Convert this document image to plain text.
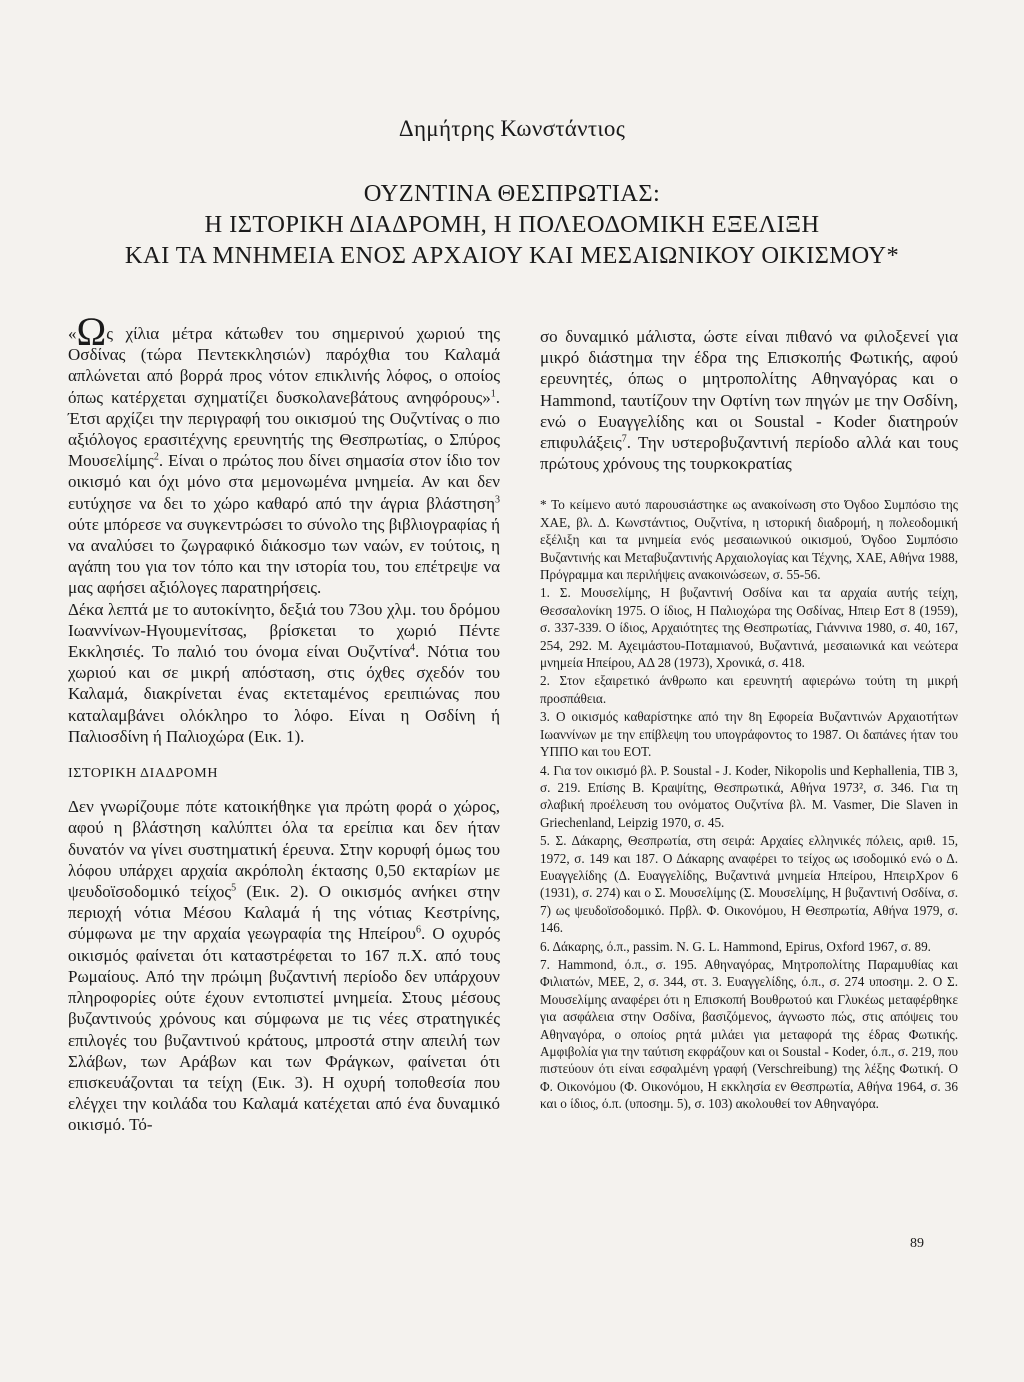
Δημήτρης Κωνστάντιος
ΟΥΖΝΤΙΝΑ ΘΕΣΠΡΩΤΙΑΣ:
Η ΙΣΤΟΡΙΚΗ ΔΙΑΔΡΟΜΗ, Η ΠΟΛΕΟΔΟΜΙΚΗ ΕΞΕΛΙΞΗ
ΚΑΙ ΤΑ ΜΝΗΜΕΙΑ ΕΝΟΣ ΑΡΧΑΙΟΥ ΚΑΙ ΜΕΣΑΙΩΝΙΚΟΥ ΟΙΚΙΣΜΟΥ*

«Ως χίλια μέτρα κάτωθεν του σημερινού χωριού της Οσδίνας (τώρα Πεντεκκλησιών) παρόχθια του Καλαμά απλώνεται από βορρά προς νότον επικλινής λόφος, ο οποίος όπως κατέρχεται σχηματίζει δυσκολανεβάτους ανηφόρους»$^1$. Έτσι αρχίζει την περιγραφή του οικισμού της Ουζντίνας ο πιο αξιόλογος ερασιτέχνης ερευνητής της Θεσπρωτίας, ο Σπύρος Μουσελίμης$^2$. Είναι ο πρώτος που δίνει σημασία στον ίδιο τον οικισμό και όχι μόνο στα μεμονωμένα μνημεία. Αν και δεν ευτύχησε να δει το χώρο καθαρό από την άγρια βλάστηση$^3$ ούτε μπόρεσε να συγκεντρώσει το σύνολο της βιβλιογραφίας ή να αναλύσει το ζωγραφικό διάκοσμο των ναών, εν τούτοις, η αγάπη του για τον τόπο και την ιστορία του, του επέτρεψε να μας αφήσει αξιόλογες παρατηρήσεις.

Δέκα λεπτά με το αυτοκίνητο, δεξιά του 73ου χλμ. του δρόμου Ιωαννίνων-Ηγουμενίτσας, βρίσκεται το χωριό Πέντε Εκκλησιές. Το παλιό του όνομα είναι Ουζντίνα$^4$. Νότια του χωριού και σε μικρή απόσταση, στις όχθες σχεδόν του Καλαμά, διακρίνεται ένας εκτεταμένος ερειπιώνας που καταλαμβάνει ολόκληρο το λόφο. Είναι η Οσδίνη ή Παλιοσδίνη ή Παλιοχώρα (Εικ. 1).

ΙΣΤΟΡΙΚΗ ΔΙΑΔΡΟΜΗ

Δεν γνωρίζουμε πότε κατοικήθηκε για πρώτη φορά ο χώρος, αφού η βλάστηση καλύπτει όλα τα ερείπια και δεν ήταν δυνατόν να γίνει συστηματική έρευνα. Στην κορυφή όμως του λόφου υπάρχει αρχαία ακρόπολη έκτασης 0,50 εκταρίων με ψευδοϊσοδομικό τείχος$^5$ (Εικ. 2). Ο οικισμός ανήκει στην περιοχή νότια Μέσου Καλαμά ή της νότιας Κεστρίνης, σύμφωνα με την αρχαία γεωγραφία της Ηπείρου$^6$. Ο οχυρός οικισμός φαίνεται ότι καταστρέφεται το 167 π.Χ. από τους Ρωμαίους. Από την πρώιμη βυζαντινή περίοδο δεν υπάρχουν πληροφορίες ούτε έχουν εντοπιστεί μνημεία. Στους μέσους βυζαντινούς χρόνους και σύμφωνα με τις νέες στρατηγικές επιλογές του βυζαντινού κράτους, μπροστά στην απειλή των Σλάβων, των Αράβων και των Φράγκων, φαίνεται ότι επισκευάζονται τα τείχη (Εικ. 3). Η οχυρή τοποθεσία που ελέγχει την κοιλάδα του Καλαμά κατέχεται από ένα δυναμικό οικισμό. Τό-

σο δυναμικό μάλιστα, ώστε είναι πιθανό να φιλοξενεί για μικρό διάστημα την έδρα της Επισκοπής Φωτικής, αφού ερευνητές, όπως ο μητροπολίτης Αθηναγόρας και ο Hammond, ταυτίζουν την Οφτίνη των πηγών με την Οσδίνη, ενώ ο Ευαγγελίδης και οι Soustal - Koder διατηρούν επιφυλάξεις$^7$. Την υστεροβυζαντινή περίοδο αλλά και τους πρώτους χρόνους της τουρκοκρατίας

* Το κείμενο αυτό παρουσιάστηκε ως ανακοίνωση στο Όγδοο Συμπόσιο της ΧΑΕ, βλ. Δ. Κωνστάντιος, Ουζντίνα, η ιστορική διαδρομή, η πολεοδομική εξέλιξη και τα μνημεία ενός μεσαιωνικού οικισμού, Όγδοο Συμπόσιο Βυζαντινής και Μεταβυζαντινής Αρχαιολογίας και Τέχνης, ΧΑΕ, Αθήνα 1988, Πρόγραμμα και περιλήψεις ανακοινώσεων, σ. 55-56.

1. Σ. Μουσελίμης, Η βυζαντινή Οσδίνα και τα αρχαία αυτής τείχη, Θεσσαλονίκη 1975. Ο ίδιος, Η Παλιοχώρα της Οσδίνας, Ηπειρ Εστ 8 (1959), σ. 337-339. Ο ίδιος, Αρχαιότητες της Θεσπρωτίας, Γιάννινα 1980, σ. 40, 167, 254, 292. Μ. Αχειμάστου-Ποταμιανού, Βυζαντινά, μεσαιωνικά και νεώτερα μνημεία Ηπείρου, ΑΔ 28 (1973), Χρονικά, σ. 418.

2. Στον εξαιρετικό άνθρωπο και ερευνητή αφιερώνω τούτη τη μικρή προσπάθεια.

3. Ο οικισμός καθαρίστηκε από την 8η Εφορεία Βυζαντινών Αρχαιοτήτων Ιωαννίνων με την επίβλεψη του υπογράφοντος το 1987. Οι δαπάνες ήταν του ΥΠΠΟ και του ΕΟΤ.

4. Για τον οικισμό βλ. P. Soustal - J. Koder, Nikopolis und Kephallenia, TIB 3, σ. 219. Επίσης Β. Κραψίτης, Θεσπρωτικά, Αθήνα 1973², σ. 346. Για τη σλαβική προέλευση του ονόματος Ουζντίνα βλ. M. Vasmer, Die Slaven in Griechenland, Leipzig 1970, σ. 45.

5. Σ. Δάκαρης, Θεσπρωτία, στη σειρά: Αρχαίες ελληνικές πόλεις, αριθ. 15, 1972, σ. 149 και 187. Ο Δάκαρης αναφέρει το τείχος ως ισοδομικό ενώ ο Δ. Ευαγγελίδης (Δ. Ευαγγελίδης, Βυζαντινά μνημεία Ηπείρου, ΗπειρΧρον 6 (1931), σ. 274) και ο Σ. Μουσελίμης (Σ. Μουσελίμης, Η βυζαντινή Οσδίνα, σ. 7) ως ψευδοϊσοδομικό. Πρβλ. Φ. Οικονόμου, Η Θεσπρωτία, Αθήνα 1979, σ. 146.

6. Δάκαρης, ό.π., passim. N. G. L. Hammond, Epirus, Oxford 1967, σ. 89.

7. Hammond, ό.π., σ. 195. Αθηναγόρας, Μητροπολίτης Παραμυθίας και Φιλιατών, ΜΕΕ, 2, σ. 344, στ. 3. Ευαγγελίδης, ό.π., σ. 274 υποσημ. 2. Ο Σ. Μουσελίμης αναφέρει ότι η Επισκοπή Βουθρωτού και Γλυκέως μεταφέρθηκε για ασφάλεια στην Οσδίνα, βασιζόμενος, άγνωστο πώς, στις απόψεις του Αθηναγόρα, ο οποίος ρητά μιλάει για μεταφορά της έδρας Φωτικής. Αμφιβολία για την ταύτιση εκφράζουν και οι Soustal - Koder, ό.π., σ. 219, που πιστεύουν ότι είναι εσφαλμένη γραφή (Verschreibung) της λέξης Φωτική. Ο Φ. Οικονόμου (Φ. Οικονόμου, Η εκκλησία εν Θεσπρωτία, Αθήνα 1964, σ. 36 και ο ίδιος, ό.π. (υποσημ. 5), σ. 103) ακολουθεί τον Αθηναγόρα.

89
